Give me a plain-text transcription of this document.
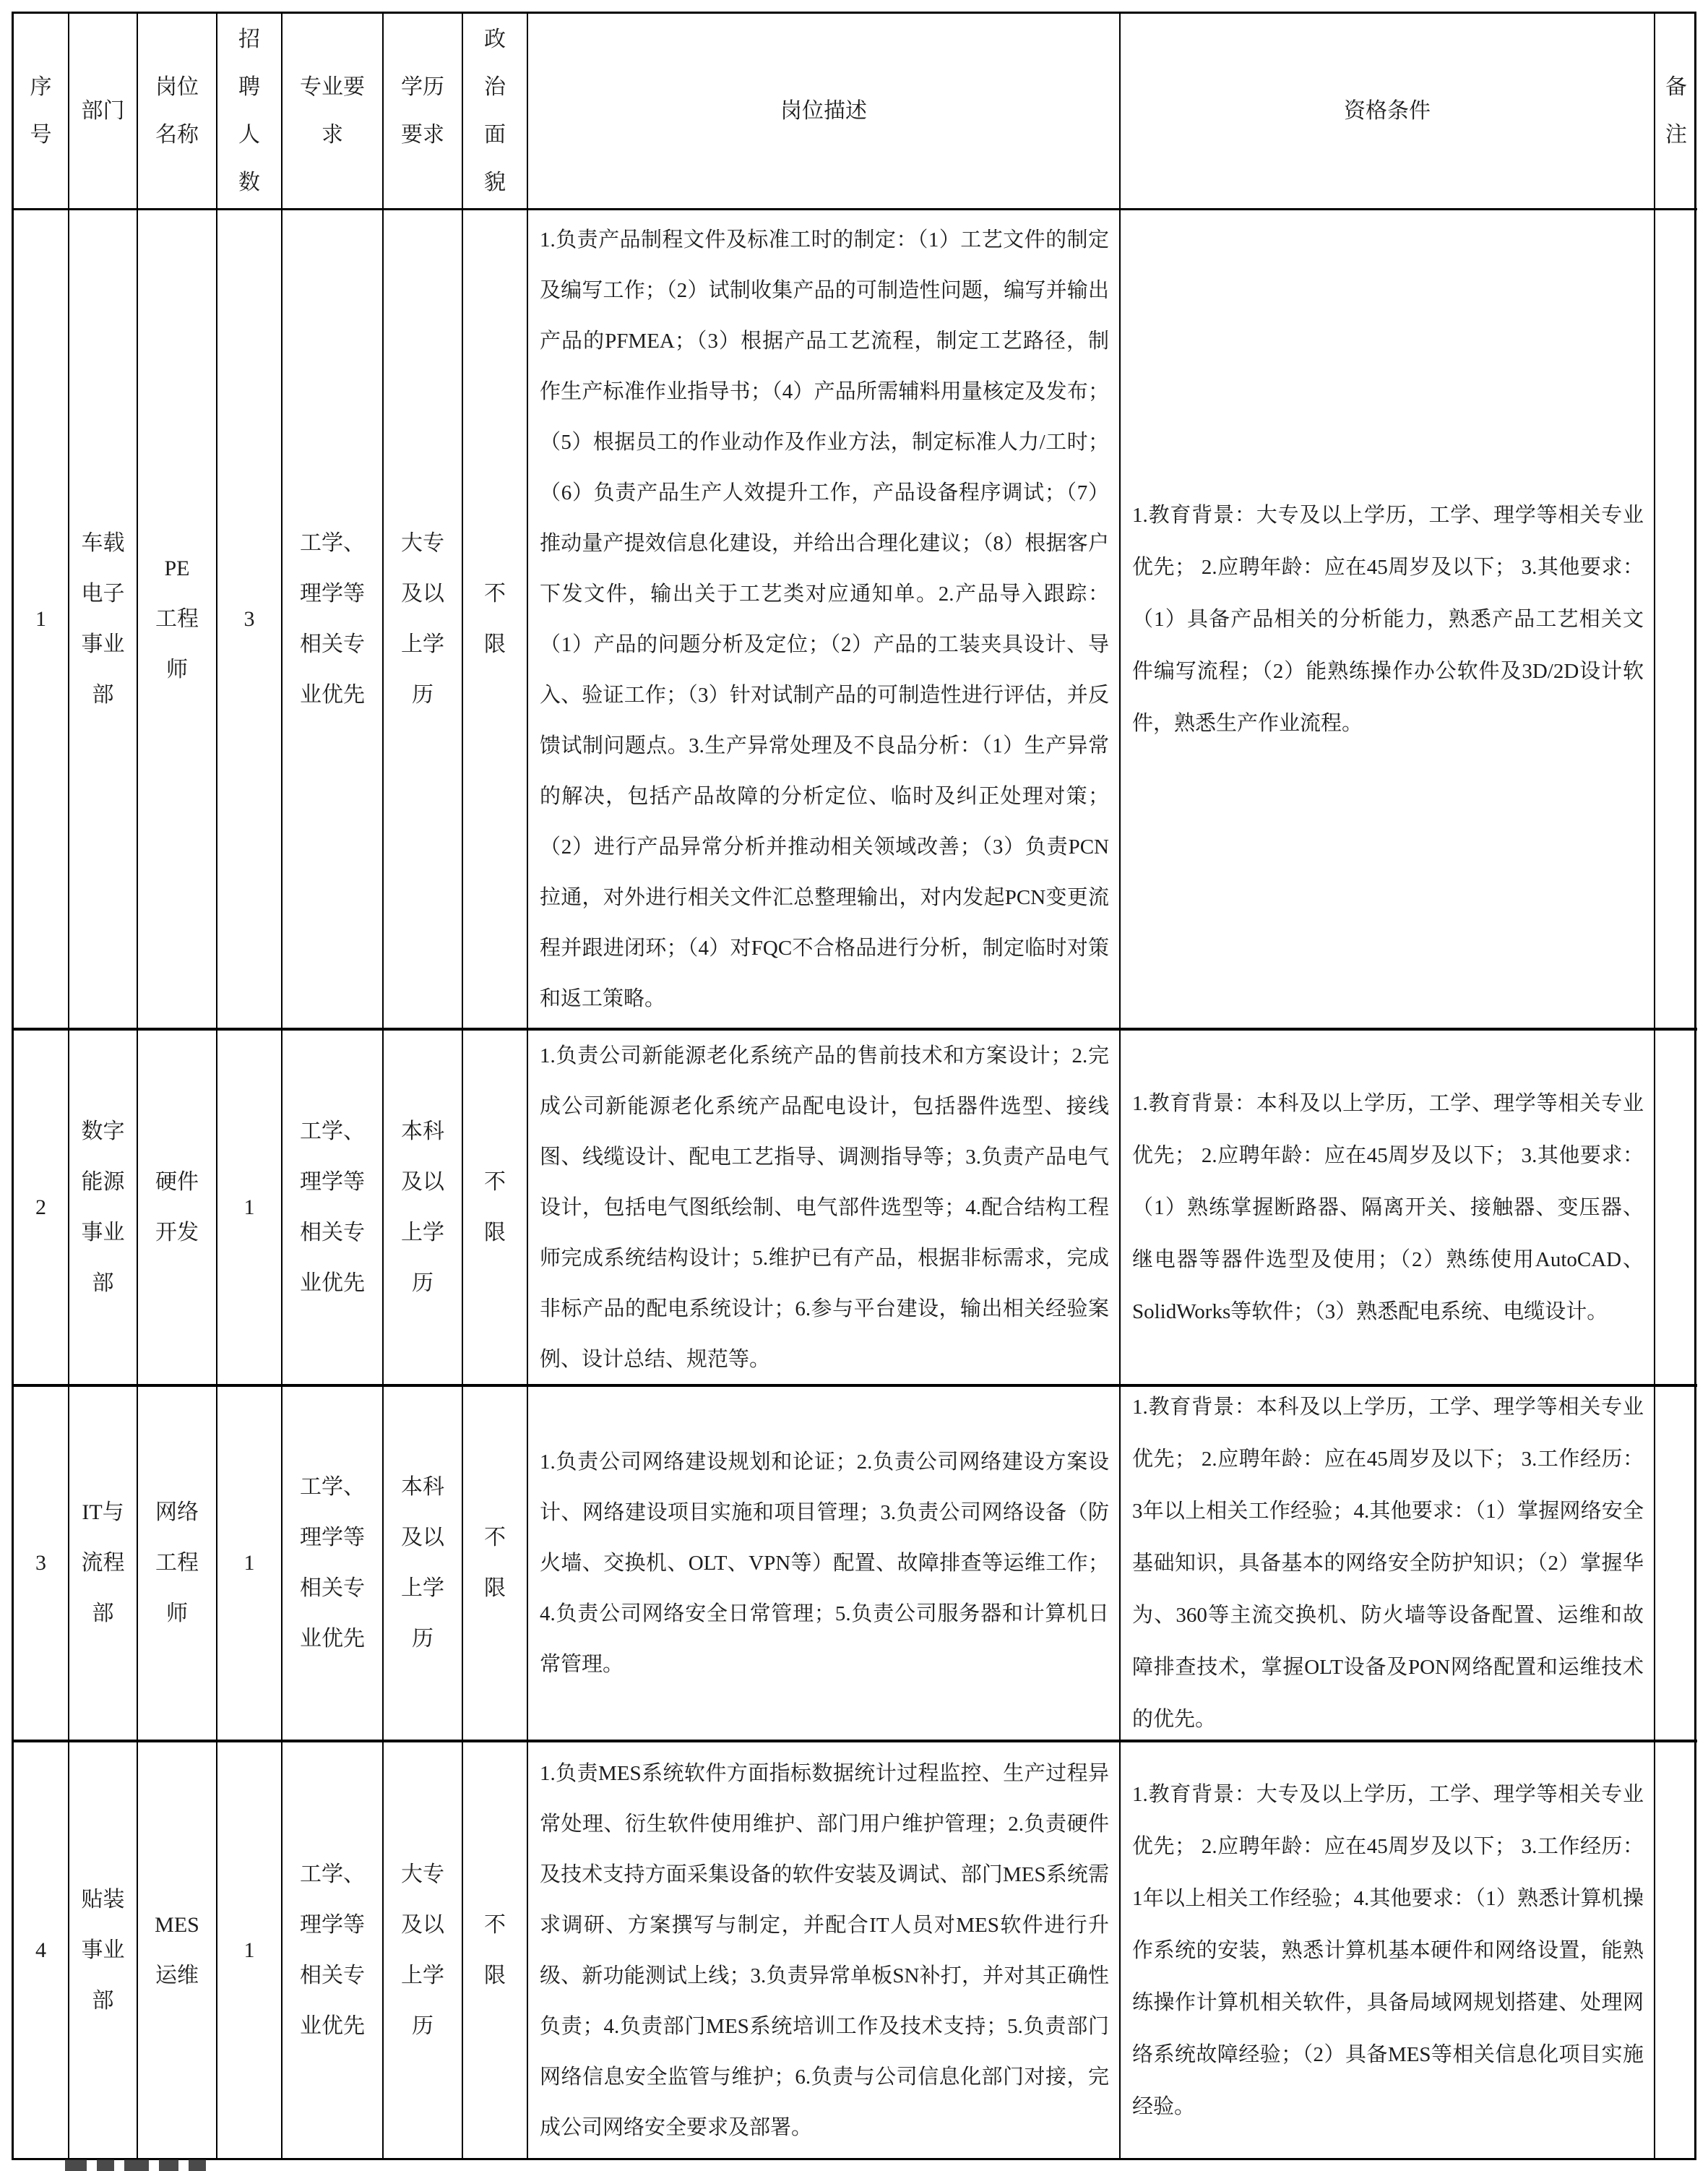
序号
部门
岗位名称
招聘人数
专业要求
学历要求
政治面貌
岗位描述	资格条件
备注
1
车载电子事业部
PE工程师
3
工学、理学等相关专业优先
大专及以上学历
不限
1.负责产品制程文件及标准工时的制定：（1）工艺文件的制定及编写工作；（2）试制收集产品的可制造性问题，编写并输出产品的PFMEA；（3）根据产品工艺流程，制定工艺路径，制作生产标准作业指导书；（4）产品所需辅料用量核定及发布；（5）根据员工的作业动作及作业方法，制定标准人力/工时；（6）负责产品生产人效提升工作，产品设备程序调试；（7）推动量产提效信息化建设，并给出合理化建议；（8）根据客户下发文件，输出关于工艺类对应通知单。2.产品导入跟踪：（1）产品的问题分析及定位；（2）产品的工装夹具设计、导入、验证工作；（3）针对试制产品的可制造性进行评估，并反馈试制问题点。3.生产异常处理及不良品分析：（1）生产异常的解决，包括产品故障的分析定位、临时及纠正处理对策；（2）进行产品异常分析并推动相关领域改善；（3）负责PCN拉通，对外进行相关文件汇总整理输出，对内发起PCN变更流程并跟进闭环；（4）对FQC不合格品进行分析，制定临时对策和返工策略。
1.教育背景：大专及以上学历，工学、理学等相关专业优先； 2.应聘年龄：应在45周岁及以下； 3.其他要求：（1）具备产品相关的分析能力，熟悉产品工艺相关文件编写流程；（2）能熟练操作办公软件及3D/2D设计软件，熟悉生产作业流程。
2
数字能源事业部
硬件开发
1
工学、理学等相关专业优先
本科及以上学历
不限
1.负责公司新能源老化系统产品的售前技术和方案设计；2.完成公司新能源老化系统产品配电设计，包括器件选型、接线图、线缆设计、配电工艺指导、调测指导等；3.负责产品电气设计，包括电气图纸绘制、电气部件选型等；4.配合结构工程师完成系统结构设计；5.维护已有产品，根据非标需求，完成非标产品的配电系统设计；6.参与平台建设，输出相关经验案例、设计总结、规范等。
1.教育背景：本科及以上学历，工学、理学等相关专业优先； 2.应聘年龄：应在45周岁及以下； 3.其他要求：（1）熟练掌握断路器、隔离开关、接触器、变压器、继电器等器件选型及使用；（2）熟练使用AutoCAD、SolidWorks等软件；（3）熟悉配电系统、电缆设计。
3
IT与流程部
网络工程师
1
工学、理学等相关专业优先
本科及以上学历
不限
1.负责公司网络建设规划和论证；2.负责公司网络建设方案设计、网络建设项目实施和项目管理；3.负责公司网络设备（防火墙、交换机、OLT、VPN等）配置、故障排查等运维工作；4.负责公司网络安全日常管理；5.负责公司服务器和计算机日常管理。
1.教育背景：本科及以上学历，工学、理学等相关专业优先； 2.应聘年龄：应在45周岁及以下； 3.工作经历：3年以上相关工作经验；4.其他要求：（1）掌握网络安全基础知识，具备基本的网络安全防护知识；（2）掌握华为、360等主流交换机、防火墙等设备配置、运维和故障排查技术，掌握OLT设备及PON网络配置和运维技术的优先。
4
贴装事业部
MES运维
1
工学、理学等相关专业优先
大专及以上学历
不限
1.负责MES系统软件方面指标数据统计过程监控、生产过程异常处理、衍生软件使用维护、部门用户维护管理；2.负责硬件及技术支持方面采集设备的软件安装及调试、部门MES系统需求调研、方案撰写与制定，并配合IT人员对MES软件进行升级、新功能测试上线；3.负责异常单板SN补打，并对其正确性负责；4.负责部门MES系统培训工作及技术支持；5.负责部门网络信息安全监管与维护；6.负责与公司信息化部门对接，完成公司网络安全要求及部署。
1.教育背景：大专及以上学历，工学、理学等相关专业优先； 2.应聘年龄：应在45周岁及以下； 3.工作经历：1年以上相关工作经验；4.其他要求：（1）熟悉计算机操作系统的安装，熟悉计算机基本硬件和网络设置，能熟练操作计算机相关软件，具备局域网规划搭建、处理网络系统故障经验；（2）具备MES等相关信息化项目实施经验。
